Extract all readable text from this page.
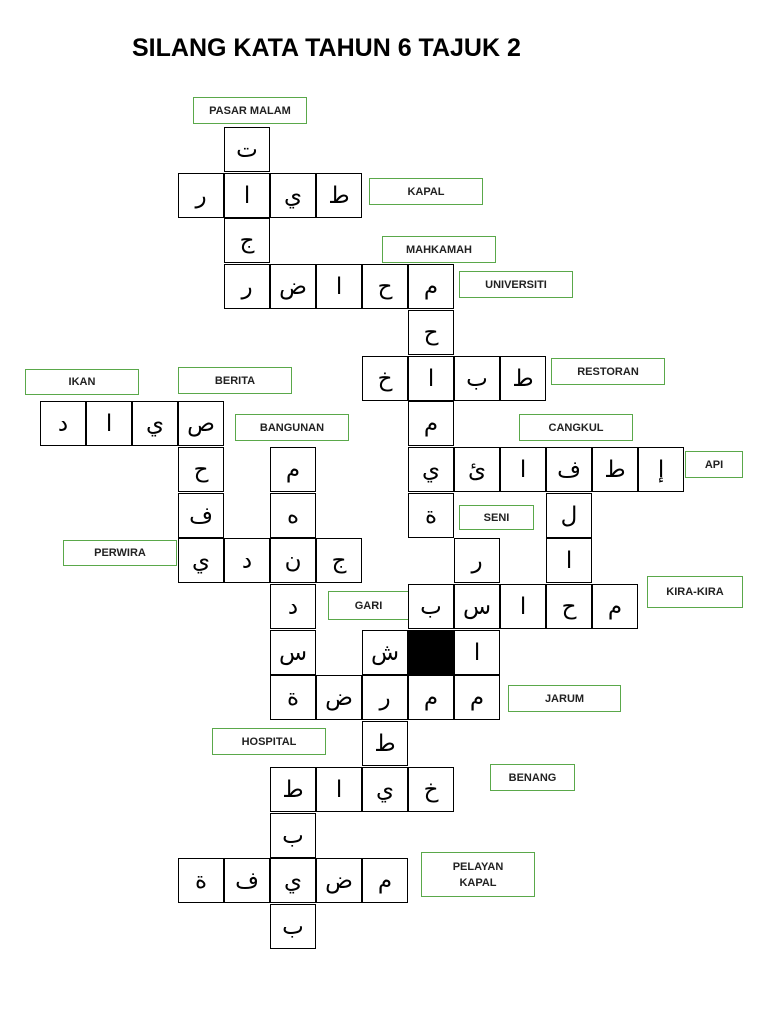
SILANG KATA TAHUN 6 TAJUK 2
PASAR MALAM
KAPAL
MAHKAMAH
UNIVERSITI
RESTORAN
IKAN	BERITA
BANGUNAN	CANGKUL
API
SENI
PERWIRA
KIRA-KIRA
GARI
JARUM
HOSPITAL
BENANG
PELAYAN
KAPAL
ت
ر	ا	ي	ط
ج
ر	ض	ا	ح	م
ح
خ	ا	ب	ط
د	ا	ي	ص	م
ح	م	ي	ئ	ا	ف	ط	إ
ف	ه	ة	ل
ي	د	ن	ج	ر	ا
د	ب س	ا	ح	م
س	ش	ا
ة	ض	ر	م	م
ط
ط	ا	ي	خ
ب
ة	ف	ي	ض	م
ب
